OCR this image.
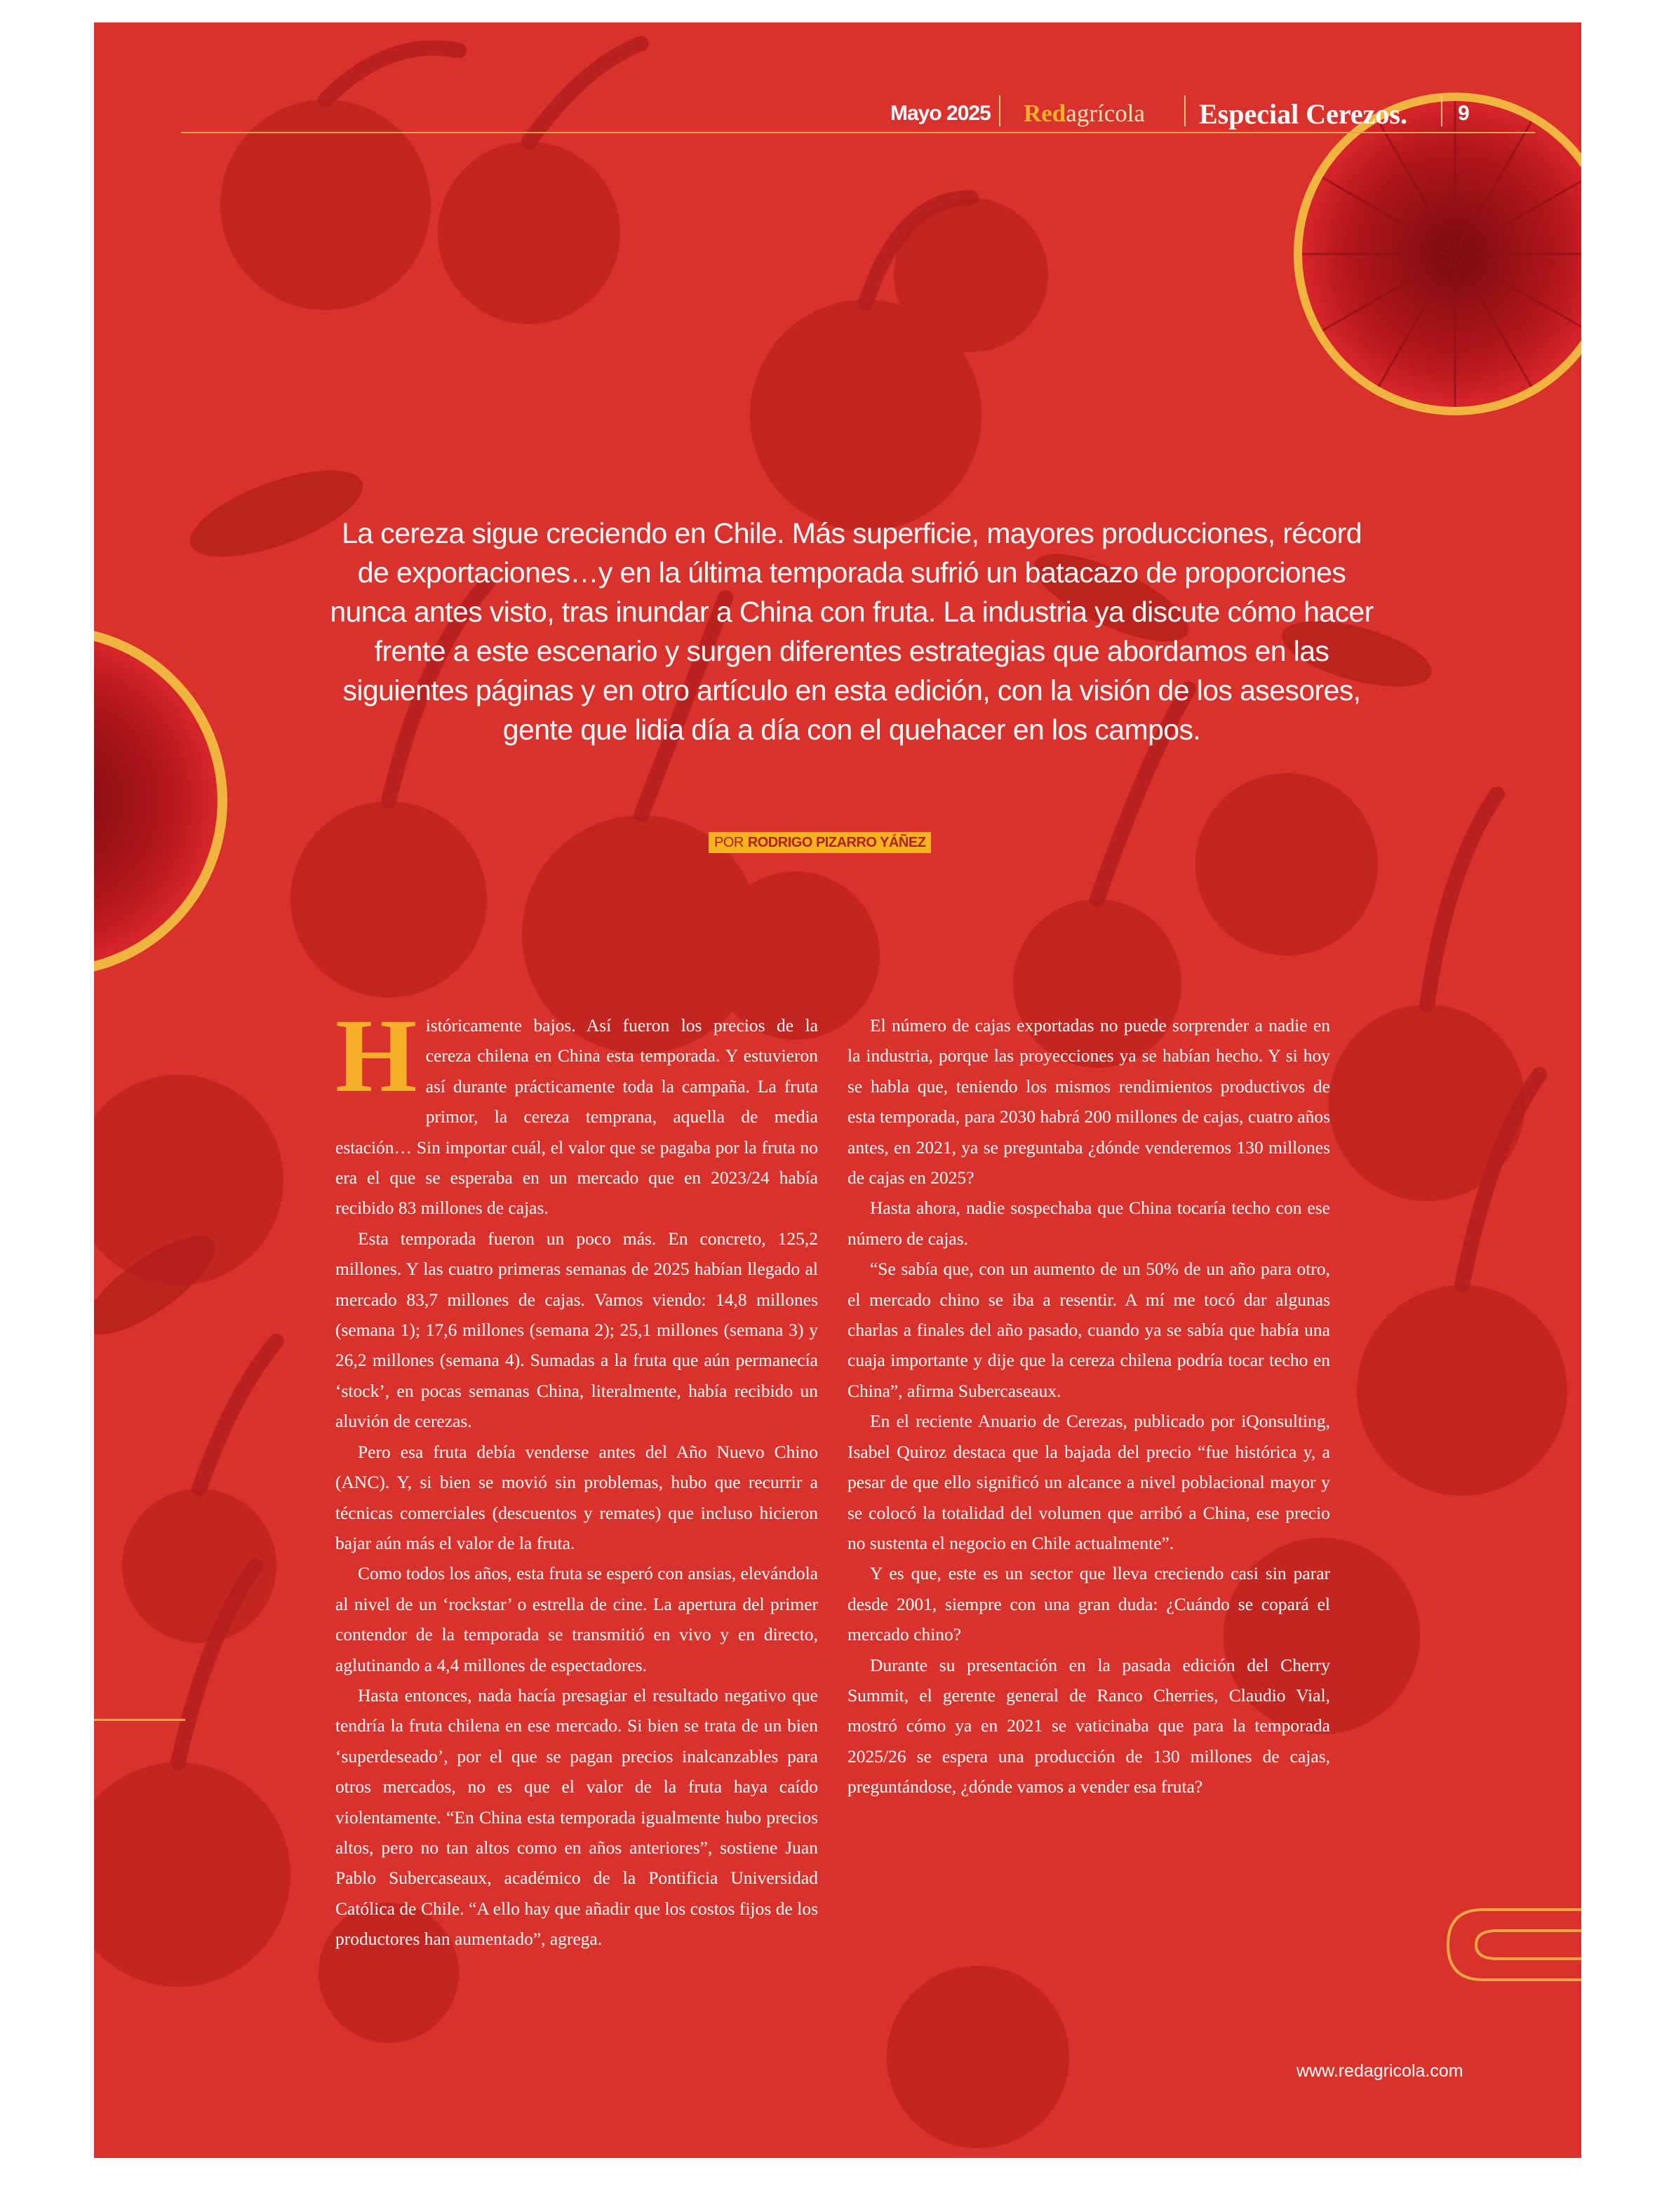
Mayo 2025 Red agrícola Especial Cerezos. 9

La cereza sigue creciendo en Chile. Más superficie, mayores producciones, récord de exportaciones…y en la última temporada sufrió un batacazo de proporciones nunca antes visto, tras inundar a China con fruta. La industria ya discute cómo hacer frente a este escenario y surgen diferentes estrategias que abordamos en las siguientes páginas y en otro artículo en esta edición, con la visión de los asesores, gente que lidia día a día con el quehacer en los campos.

POR RODRIGO PIZARRO YÁÑEZ
H istóricamente bajos. Así fueron los precios de la cereza chilena en China esta temporada. Y estuvieron así durante prácticamente toda la campaña. La fruta primor, la cereza temprana, aquella de media estación… Sin importar cuál, el valor que se pagaba por la fruta no era el que se esperaba en un mercado que en 2023/24 había recibido 83 millones de cajas.

Esta temporada fueron un poco más. En concreto, 125,2 millones. Y las cuatro primeras semanas de 2025 habían llegado al mercado 83,7 millones de cajas. Vamos viendo: 14,8 millones (semana 1); 17,6 millones (semana 2); 25,1 millones (semana 3) y 26,2 millones (semana 4). Sumadas a la fruta que aún permanecía ‘stock’, en pocas semanas China, literalmente, había recibido un aluvión de cerezas.

Pero esa fruta debía venderse antes del Año Nuevo Chino (ANC). Y, si bien se movió sin problemas, hubo que recurrir a técnicas comerciales (descuentos y remates) que incluso hicieron bajar aún más el valor de la fruta.

Como todos los años, esta fruta se esperó con ansias, elevándola al nivel de un ‘rockstar’ o estrella de cine. La apertura del primer contendor de la temporada se transmitió en vivo y en directo, aglutinando a 4,4 millones de espectadores.

Hasta entonces, nada hacía presagiar el resultado negativo que tendría la fruta chilena en ese mercado. Si bien se trata de un bien ‘superdeseado’, por el que se pagan precios inalcanzables para otros mercados, no es que el valor de la fruta haya caído violentamente. “En China esta temporada igualmente hubo precios altos, pero no tan altos como en años anteriores”, sostiene Juan Pablo Subercaseaux, académico de la Pontificia Universidad Católica de Chile. “A ello hay que añadir que los costos fijos de los productores han aumentado”, agrega.

El número de cajas exportadas no puede sorprender a nadie en la industria, porque las proyecciones ya se habían hecho. Y si hoy se habla que, teniendo los mismos rendimientos productivos de esta temporada, para 2030 habrá 200 millones de cajas, cuatro años antes, en 2021, ya se preguntaba ¿dónde venderemos 130 millones de cajas en 2025?

Hasta ahora, nadie sospechaba que China tocaría techo con ese número de cajas.

“Se sabía que, con un aumento de un 50% de un año para otro, el mercado chino se iba a resentir. A mí me tocó dar algunas charlas a finales del año pasado, cuando ya se sabía que había una cuaja importante y dije que la cereza chilena podría tocar techo en China”, afirma Subercaseaux.

En el reciente Anuario de Cerezas, publicado por iQonsulting, Isabel Quiroz destaca que la bajada del precio “fue histórica y, a pesar de que ello significó un alcance a nivel poblacional mayor y se colocó la totalidad del volumen que arribó a China, ese precio no sustenta el negocio en Chile actualmente”.

Y es que, este es un sector que lleva creciendo casi sin parar desde 2001, siempre con una gran duda: ¿Cuándo se copará el mercado chino?

Durante su presentación en la pasada edición del Cherry Summit, el gerente general de Ranco Cherries, Claudio Vial, mostró cómo ya en 2021 se vaticinaba que para la temporada 2025/26 se espera una producción de 130 millones de cajas, preguntándose, ¿dónde vamos a vender esa fruta?

www.redagricola.com
